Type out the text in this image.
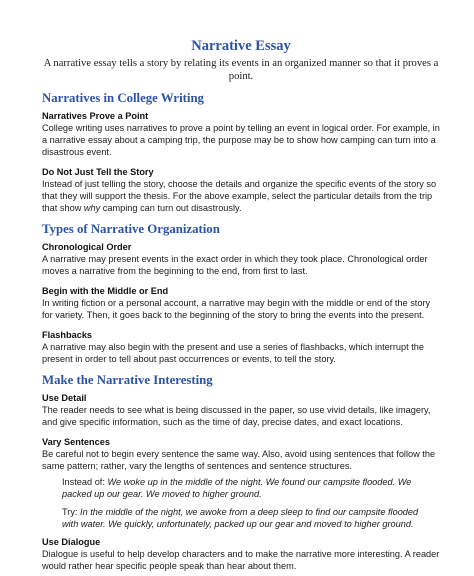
Narrative Essay
A narrative essay tells a story by relating its events in an organized manner so that it proves a point.
Narratives in College Writing
Narratives Prove a Point
College writing uses narratives to prove a point by telling an event in logical order. For example, in a narrative essay about a camping trip, the purpose may be to show how camping can turn into a disastrous event.
Do Not Just Tell the Story
Instead of just telling the story, choose the details and organize the specific events of the story so that they will support the thesis. For the above example, select the particular details from the trip that show why camping can turn out disastrously.
Types of Narrative Organization
Chronological Order
A narrative may present events in the exact order in which they took place. Chronological order moves a narrative from the beginning to the end, from first to last.
Begin with the Middle or End
In writing fiction or a personal account, a narrative may begin with the middle or end of the story for variety. Then, it goes back to the beginning of the story to bring the events into the present.
Flashbacks
A narrative may also begin with the present and use a series of flashbacks, which interrupt the present in order to tell about past occurrences or events, to tell the story.
Make the Narrative Interesting
Use Detail
The reader needs to see what is being discussed in the paper, so use vivid details, like imagery, and give specific information, such as the time of day, precise dates, and exact locations.
Vary Sentences
Be careful not to begin every sentence the same way. Also, avoid using sentences that follow the same pattern; rather, vary the lengths of sentences and sentence structures.
Instead of: We woke up in the middle of the night. We found our campsite flooded. We packed up our gear. We moved to higher ground.
Try: In the middle of the night, we awoke from a deep sleep to find our campsite flooded with water. We quickly, unfortunately, packed up our gear and moved to higher ground.
Use Dialogue
Dialogue is useful to help develop characters and to make the narrative more interesting. A reader would rather hear specific people speak than hear about them.
